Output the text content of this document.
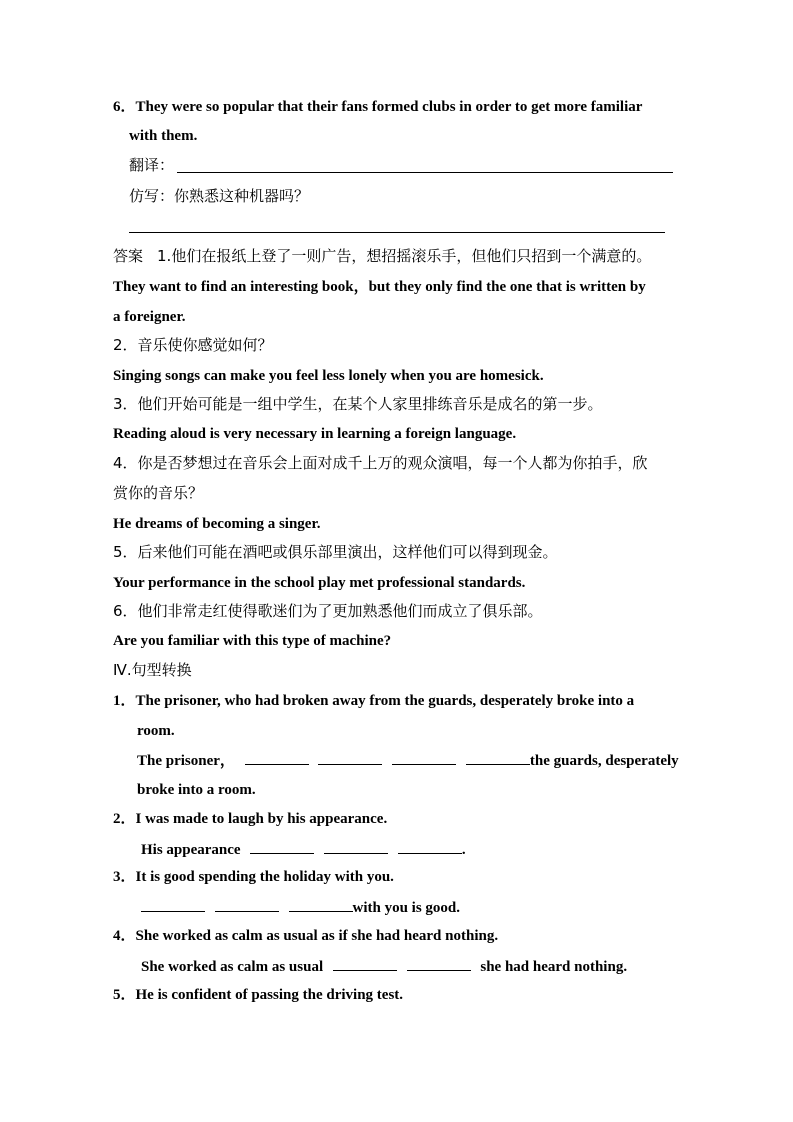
6．They were so popular that their fans formed clubs in order to get more familiar
with them.
翻译：
仿写：你熟悉这种机器吗？
答案 1.他们在报纸上登了一则广告，想招摇滚乐手，但他们只招到一个满意的。
They want to find an interesting book，but they only find the one that is written by
a foreigner.
2．音乐使你感觉如何？
Singing songs can make you feel less lonely when you are homesick.
3．他们开始可能是一组中学生，在某个人家里排练音乐是成名的第一步。
Reading aloud is very necessary in learning a foreign language.
4．你是否梦想过在音乐会上面对成千上万的观众演唱，每一个人都为你拍手，欣
赏你的音乐？
He dreams of becoming a singer.
5．后来他们可能在酒吧或俱乐部里演出，这样他们可以得到现金。
Your performance in the school play met professional standards.
6．他们非常走红使得歌迷们为了更加熟悉他们而成立了俱乐部。
Are you familiar with this type of machine?
Ⅳ.句型转换
1．The prisoner, who had broken away from the guards, desperately broke into a
room.
The prisoner，	the guards, desperately
broke into a room.
2．I was made to laugh by his appearance.
His appearance	.
3．It is good spending the holiday with you.
with you is good.
4．She worked as calm as usual as if she had heard nothing.
She worked as calm as usual	she had heard nothing.
5．He is confident of passing the driving test.
